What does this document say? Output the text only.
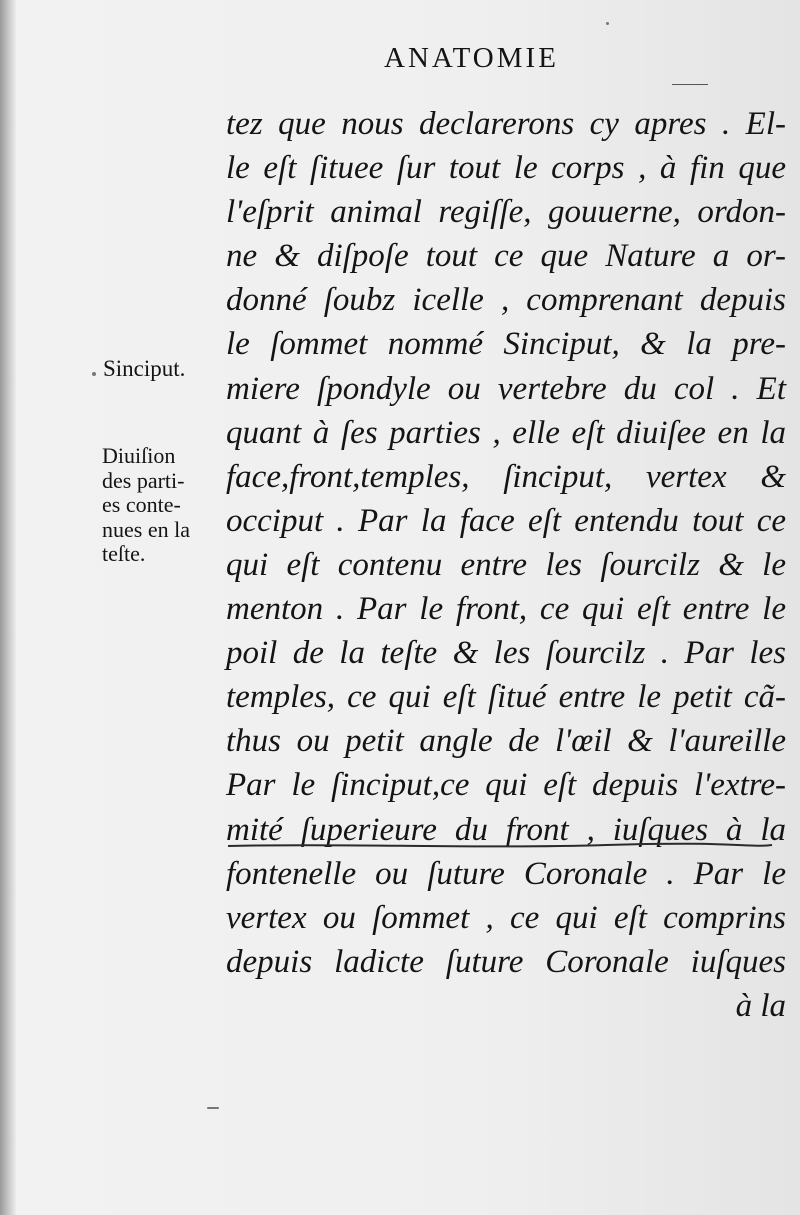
ANATOMIE
Sinciput.
Diuiſion
des parti-
es conte-
nues en la
teſte.
tez que nous declarerons cy apres . El-
le eſt ſituee ſur tout le corps , à fin que
l'eſprit animal regiſſe, gouuerne, ordon-
ne & diſpoſe tout ce que Nature a or-
donné ſoubz icelle , comprenant depuis
le ſommet nommé Sinciput, & la pre-
miere ſpondyle ou vertebre du col . Et
quant à ſes parties , elle eſt diuiſee en la
face,front,temples, ſinciput, vertex &
occiput . Par la face eſt entendu tout ce
qui eſt contenu entre les ſourcilz & le
menton . Par le front, ce qui eſt entre le
poil de la teſte & les ſourcilz . Par les
temples, ce qui eſt ſitué entre le petit cã-
thus ou petit angle de l'œil & l'aureille
Par le ſinciput,ce qui eſt depuis l'extre-
mité ſuperieure du front , iuſques à la
fontenelle ou ſuture Coronale . Par le
vertex ou ſommet , ce qui eſt comprins
depuis ladicte ſuture Coronale iuſques
à la
